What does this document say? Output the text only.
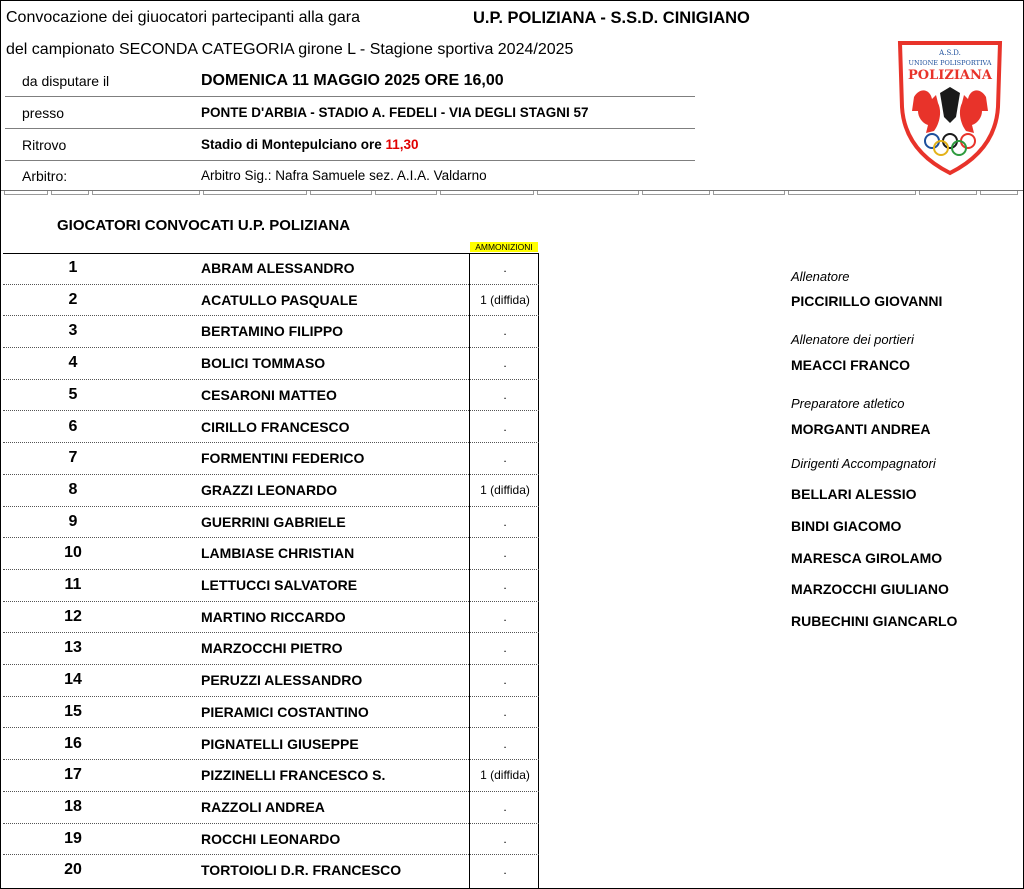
Convocazione dei giuocatori partecipanti alla gara	U.P. POLIZIANA - S.S.D. CINIGIANO
del campionato SECONDA CATEGORIA girone L - Stagione sportiva 2024/2025
da disputare il	DOMENICA 11 MAGGIO 2025 ORE 16,00
presso	PONTE D'ARBIA - STADIO A. FEDELI - VIA DEGLI STAGNI 57
Ritrovo	Stadio di Montepulciano ore 11,30
Arbitro:	Arbitro Sig.: Nafra Samuele sez. A.I.A. Valdarno
A.S.D.
UNIONE POLISPORTIVA
POLIZIANA
GIOCATORI CONVOCATI U.P. POLIZIANA
AMMONIZIONI
1	ABRAM ALESSANDRO	.
2	ACATULLO PASQUALE	1 (diffida)
3	BERTAMINO FILIPPO	.
4	BOLICI TOMMASO	.
5	CESARONI MATTEO	.
6	CIRILLO FRANCESCO	.
7	FORMENTINI FEDERICO	.
8	GRAZZI LEONARDO	1 (diffida)
9	GUERRINI GABRIELE	.
10	LAMBIASE CHRISTIAN	.
11	LETTUCCI SALVATORE	.
12	MARTINO RICCARDO	.
13	MARZOCCHI PIETRO	.
14	PERUZZI ALESSANDRO	.
15	PIERAMICI COSTANTINO	.
16	PIGNATELLI GIUSEPPE	.
17	PIZZINELLI FRANCESCO S.	1 (diffida)
18	RAZZOLI ANDREA	.
19	ROCCHI LEONARDO	.
20	TORTOIOLI D.R. FRANCESCO	.
Allenatore
PICCIRILLO GIOVANNI
Allenatore dei portieri
MEACCI FRANCO
Preparatore atletico
MORGANTI ANDREA
Dirigenti Accompagnatori
BELLARI ALESSIO
BINDI GIACOMO
MARESCA GIROLAMO
MARZOCCHI GIULIANO
RUBECHINI GIANCARLO
